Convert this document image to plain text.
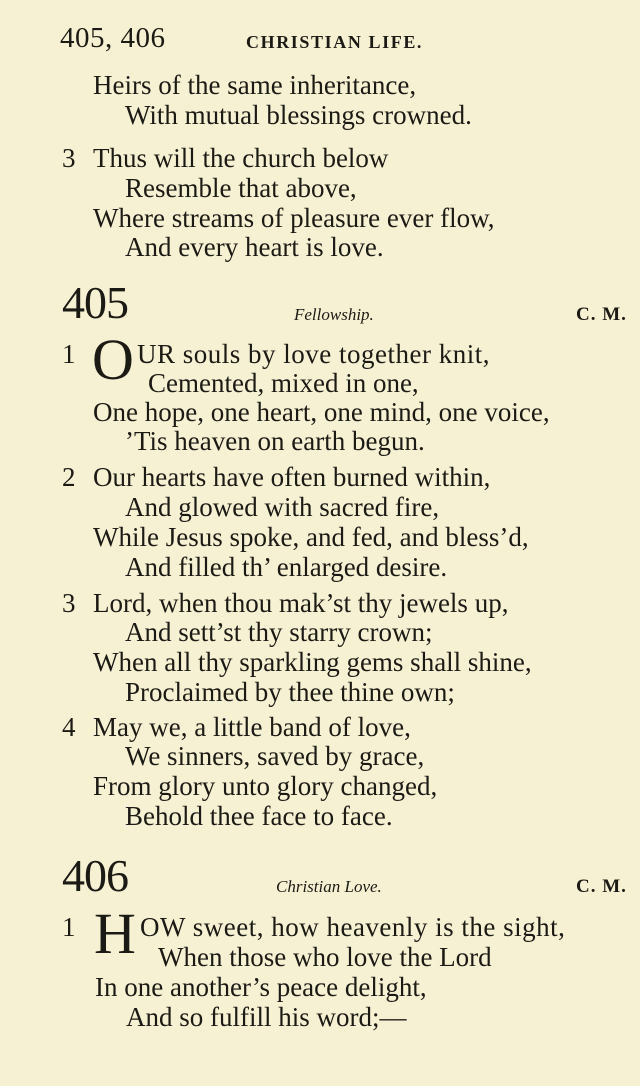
405, 406	CHRISTIAN LIFE.
Heirs of the same inheritance,
With mutual blessings crowned.
3 Thus will the church below
Resemble that above,
Where streams of pleasure ever flow,
And every heart is love.
405	Fellowship.	C. M.
1 O UR souls by love together knit,
Cemented, mixed in one,
One hope, one heart, one mind, one voice,
’Tis heaven on earth begun.
2 Our hearts have often burned within,
And glowed with sacred fire,
While Jesus spoke, and fed, and bless’d,
And filled th’ enlarged desire.
3 Lord, when thou mak’st thy jewels up,
And sett’st thy starry crown;
When all thy sparkling gems shall shine,
Proclaimed by thee thine own;
4 May we, a little band of love,
We sinners, saved by grace,
From glory unto glory changed,
Behold thee face to face.
406	Christian Love.	C. M.
1 H OW sweet, how heavenly is the sight,
When those who love the Lord
In one another’s peace delight,
And so fulfill his word;—
